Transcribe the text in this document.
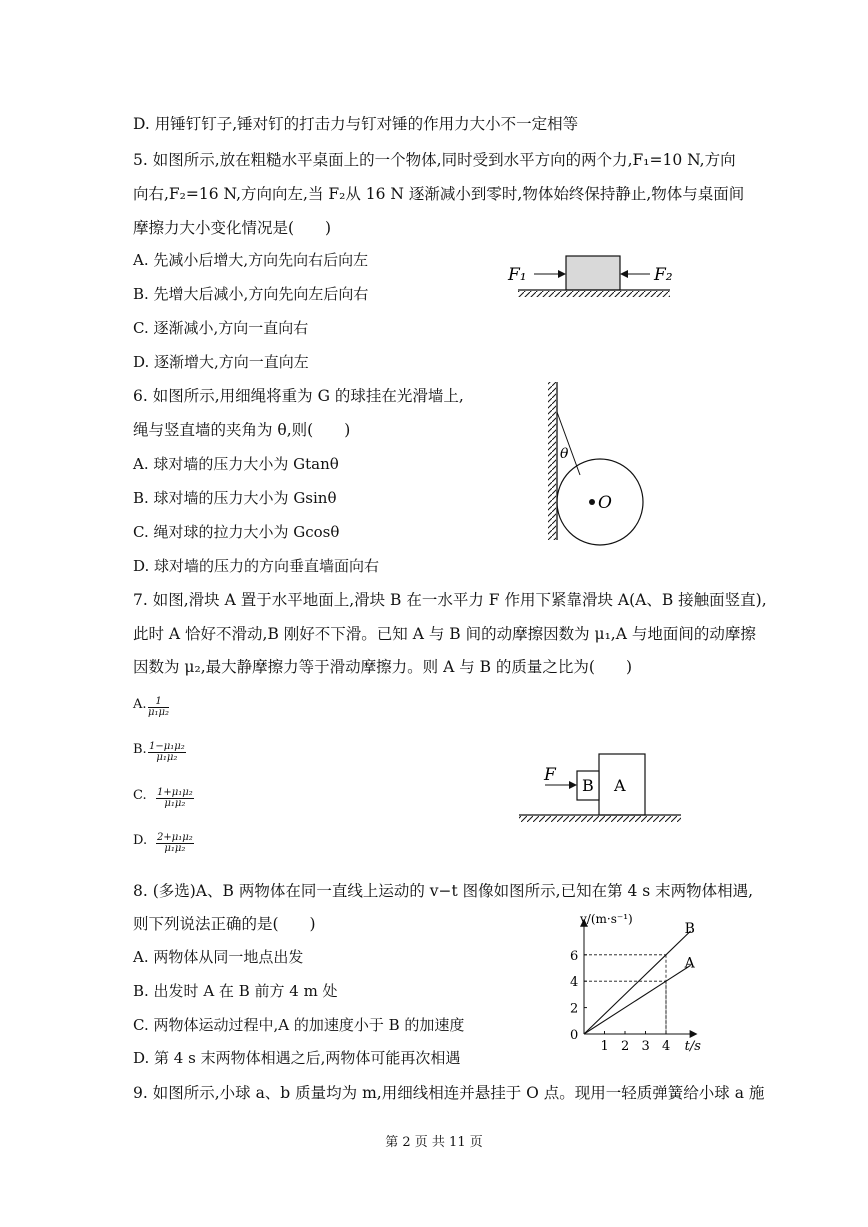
D. 用锤钉钉子,锤对钉的打击力与钉对锤的作用力大小不一定相等
5. 如图所示,放在粗糙水平桌面上的一个物体,同时受到水平方向的两个力,F₁=10 N,方向
向右,F₂=16 N,方向向左,当 F₂从 16 N 逐渐减小到零时,物体始终保持静止,物体与桌面间
摩擦力大小变化情况是(　　)
A. 先减小后增大,方向先向右后向左
B. 先增大后减小,方向先向左后向右
C. 逐渐减小,方向一直向右
D. 逐渐增大,方向一直向左
F₁	F₂
6. 如图所示,用细绳将重为 G 的球挂在光滑墙上,
绳与竖直墙的夹角为 θ,则(　　)
A. 球对墙的压力大小为 Gtanθ
B. 球对墙的压力大小为 Gsinθ
C. 绳对球的拉力大小为 Gcosθ
D. 球对墙的压力的方向垂直墙面向右
θ
O
7. 如图,滑块 A 置于水平地面上,滑块 B 在一水平力 F 作用下紧靠滑块 A(A、B 接触面竖直),
此时 A 恰好不滑动,B 刚好不下滑。已知 A 与 B 间的动摩擦因数为 μ₁,A 与地面间的动摩擦
因数为 μ₂,最大静摩擦力等于滑动摩擦力。则 A 与 B 的质量之比为(　　)
A. $\frac{1}{\text{μ₁μ₂}}$
B. $\frac{\text{1−μ₁μ₂}}{\text{μ₁μ₂}}$
C. $\frac{\text{1+μ₁μ₂}}{\text{μ₁μ₂}}$
D. $\frac{\text{2+μ₁μ₂}}{\text{μ₁μ₂}}$
F
B A
8. (多选)A、B 两物体在同一直线上运动的 v−t 图像如图所示,已知在第 4 s 末两物体相遇,
则下列说法正确的是(　　)
A. 两物体从同一地点出发
B. 出发时 A 在 B 前方 4 m 处
C. 两物体运动过程中,A 的加速度小于 B 的加速度
D. 第 4 s 末两物体相遇之后,两物体可能再次相遇
B
A
1 2 3 4
2
4
6
0
v/(m·s⁻¹)
t/s
9. 如图所示,小球 a、b 质量均为 m,用细线相连并悬挂于 O 点。现用一轻质弹簧给小球 a 施
第 2 页 共 11 页
